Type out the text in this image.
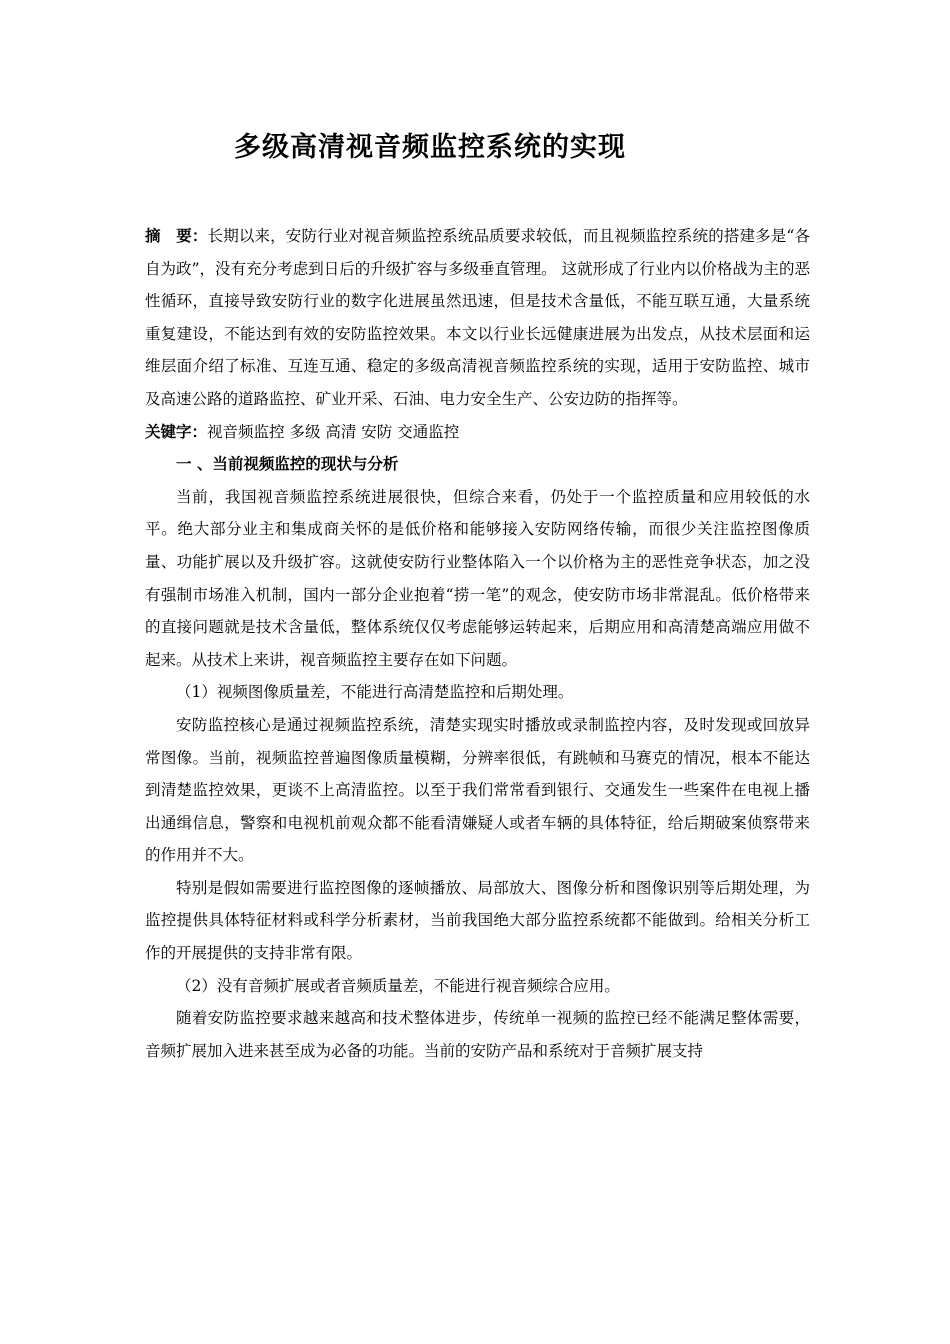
多级高清视音频监控系统的实现

摘　要：长期以来，安防行业对视音频监控系统品质要求较低，而且视频监控系统的搭建多是“各自为政”，没有充分考虑到日后的升级扩容与多级垂直管理。 这就形成了行业内以价格战为主的恶性循环，直接导致安防行业的数字化进展虽然迅速，但是技术含量低，不能互联互通，大量系统重复建设，不能达到有效的安防监控效果。本文以行业长远健康进展为出发点，从技术层面和运维层面介绍了标准、互连互通、稳定的多级高清视音频监控系统的实现，适用于安防监控、城市及高速公路的道路监控、矿业开采、石油、电力安全生产、公安边防的指挥等。

关键字：视音频监控 多级 高清 安防 交通监控

一 、当前视频监控的现状与分析

当前，我国视音频监控系统进展很快，但综合来看，仍处于一个监控质量和应用较低的水平。绝大部分业主和集成商关怀的是低价格和能够接入安防网络传输，而很少关注监控图像质量、功能扩展以及升级扩容。这就使安防行业整体陷入一个以价格为主的恶性竞争状态，加之没有强制市场准入机制，国内一部分企业抱着“捞一笔”的观念，使安防市场非常混乱。低价格带来的直接问题就是技术含量低，整体系统仅仅考虑能够运转起来，后期应用和高清楚高端应用做不起来。从技术上来讲，视音频监控主要存在如下问题。

（1）视频图像质量差，不能进行高清楚监控和后期处理。

安防监控核心是通过视频监控系统，清楚实现实时播放或录制监控内容，及时发现或回放异常图像。当前，视频监控普遍图像质量模糊，分辨率很低，有跳帧和马赛克的情况，根本不能达到清楚监控效果，更谈不上高清监控。以至于我们常常看到银行、交通发生一些案件在电视上播出通缉信息，警察和电视机前观众都不能看清嫌疑人或者车辆的具体特征，给后期破案侦察带来的作用并不大。

特别是假如需要进行监控图像的逐帧播放、局部放大、图像分析和图像识别等后期处理，为监控提供具体特征材料或科学分析素材，当前我国绝大部分监控系统都不能做到。给相关分析工作的开展提供的支持非常有限。

（2）没有音频扩展或者音频质量差，不能进行视音频综合应用。

随着安防监控要求越来越高和技术整体进步，传统单一视频的监控已经不能满足整体需要，音频扩展加入进来甚至成为必备的功能。当前的安防产品和系统对于音频扩展支持
